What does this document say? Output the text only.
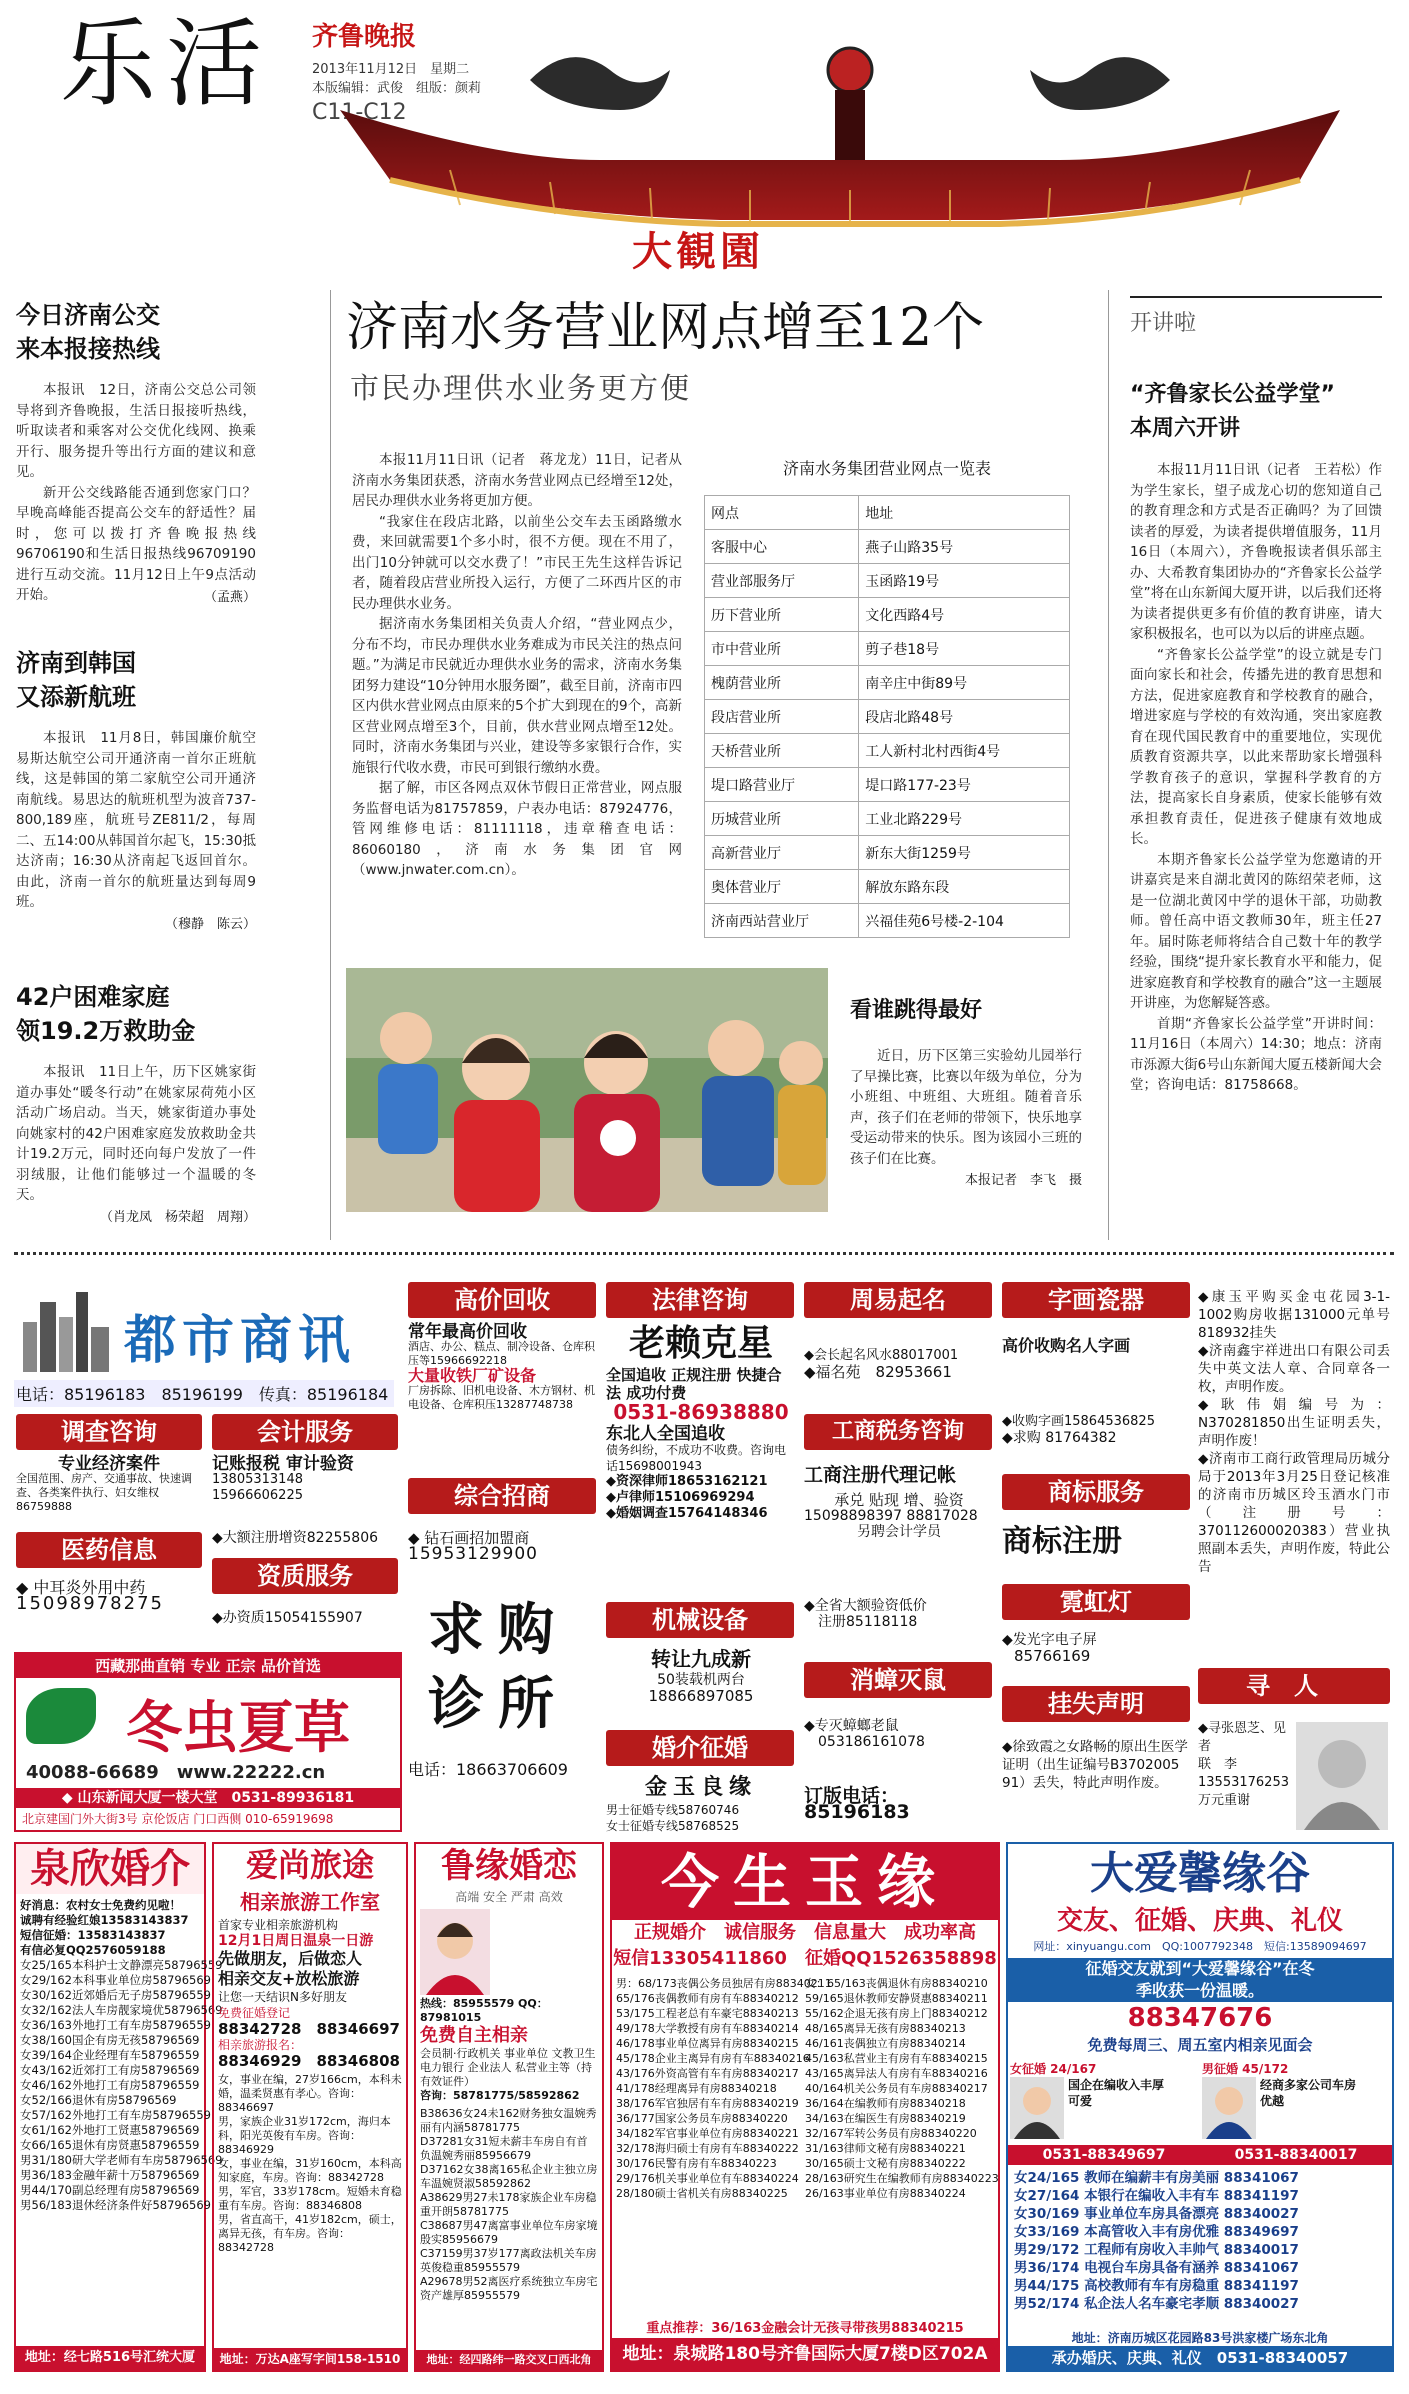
乐活 齐鲁晚报
2013年11月12日　星期二
本版编辑：武俊　组版：颜莉
C11-C12
大観園
今日济南公交
来本报接热线

本报讯　12日，济南公交总公司领导将到齐鲁晚报，生活日报接听热线，听取读者和乘客对公交优化线网、换乘开行、服务提升等出行方面的建议和意见。

新开公交线路能否通到您家门口？早晚高峰能否提高公交车的舒适性？届时，您可以拨打齐鲁晚报热线96706190和生活日报热线96709190进行互动交流。11月12日上午9点活动开始。	（孟燕）
济南到韩国
又添新航班

本报讯　11月8日，韩国廉价航空易斯达航空公司开通济南一首尔正班航线，这是韩国的第二家航空公司开通济南航线。易思达的航班机型为波音737-800,189座，航班号ZE811/2，每周二、五14:00从韩国首尔起飞，15:30抵达济南；16:30从济南起飞返回首尔。由此，济南一首尔的航班量达到每周9班。

（穆静　陈云）
42户困难家庭
领19.2万救助金

本报讯　11日上午，历下区姚家街道办事处“暖冬行动”在姚家尿荷苑小区活动广场启动。当天，姚家街道办事处向姚家村的42户困难家庭发放救助金共计19.2万元，同时还向每户发放了一件羽绒服，让他们能够过一个温暖的冬天。

（肖龙凤　杨荣超　周翔）
济南水务营业网点增至12个
市民办理供水业务更方便

本报11月11日讯（记者　蒋龙龙）11日，记者从济南水务集团获悉，济南水务营业网点已经增至12处，居民办理供水业务将更加方便。

“我家住在段店北路，以前坐公交车去玉函路缴水费，来回就需要1个多小时，很不方便。现在不用了，出门10分钟就可以交水费了！”市民王先生这样告诉记者，随着段店营业所投入运行，方便了二环西片区的市民办理供水业务。

据济南水务集团相关负责人介绍，“营业网点少，分布不均，市民办理供水业务难成为市民关注的热点问题。”为满足市民就近办理供水业务的需求，济南水务集团努力建设“10分钟用水服务圈”，截至目前，济南市四区内供水营业网点由原来的5个扩大到现在的9个，高新区营业网点增至3个，目前，供水营业网点增至12处。同时，济南水务集团与兴业，建设等多家银行合作，实施银行代收水费，市民可到银行缴纳水费。

据了解，市区各网点双休节假日正常营业，网点服务监督电话为81757859，户表办电话：87924776，管网维修电话：81111118，违章稽查电话：86060180，济南水务集团官网（www.jnwater.com.cn）。

济南水务集团营业网点一览表
网点	地址
客服中心	燕子山路35号
营业部服务厅	玉函路19号
历下营业所	文化西路4号
市中营业所	剪子巷18号
槐荫营业所	南辛庄中街89号
段店营业所	段店北路48号
天桥营业所	工人新村北村西街4号
堤口路营业厅	堤口路177-23号
历城营业所	工业北路229号
高新营业厅	新东大街1259号
奥体营业厅	解放东路东段
济南西站营业厅	兴福佳苑6号楼-2-104
看谁跳得最好

近日，历下区第三实验幼儿园举行了早操比赛，比赛以年级为单位，分为小班组、中班组、大班组。随着音乐声，孩子们在老师的带领下，快乐地享受运动带来的快乐。图为该园小三班的孩子们在比赛。

本报记者　李飞　摄
开讲啦
“齐鲁家长公益学堂”
本周六开讲

本报11月11日讯（记者　王若松）作为学生家长，望子成龙心切的您知道自己的教育理念和方式是否正确吗？为了回馈读者的厚爱，为读者提供增值服务，11月16日（本周六），齐鲁晚报读者俱乐部主办、大希教育集团协办的“齐鲁家长公益学堂”将在山东新闻大厦开讲，以后我们还将为读者提供更多有价值的教育讲座，请大家积极报名，也可以为以后的讲座点题。

“齐鲁家长公益学堂”的设立就是专门面向家长和社会，传播先进的教育思想和方法，促进家庭教育和学校教育的融合，增进家庭与学校的有效沟通，突出家庭教育在现代国民教育中的重要地位，实现优质教育资源共享，以此来帮助家长增强科学教育孩子的意识，掌握科学教育的方法，提高家长自身素质，使家长能够有效承担教育责任，促进孩子健康有效地成长。

本期齐鲁家长公益学堂为您邀请的开讲嘉宾是来自湖北黄冈的陈绍荣老师，这是一位湖北黄冈中学的退休干部，功勋教师。曾任高中语文教师30年，班主任27年。届时陈老师将结合自己数十年的教学经验，围绕“提升家长教育水平和能力，促进家庭教育和学校教育的融合”这一主题展开讲座，为您解疑答惑。

首期“齐鲁家长公益学堂”开讲时间：11月16日（本周六）14:30；地点：济南市泺源大街6号山东新闻大厦五楼新闻大会堂；咨询电话：81758668。

都市商讯
电话：85196183　85196199　传真：85196184
调查咨询
专业经济案件
全国范围、房产、交通事故、快速调查、各类案件执行、妇女维权86759888
医药信息
◆ 中耳炎外用中药
15098978275
会计服务
记账报税 审计验资
13805313148 15966606225
◆大额注册增资82255806
资质服务
◆办资质15054155907
西藏那曲直销 专业 正宗 品价首选
冬虫夏草
40088-66689　www.22222.cn
◆ 山东新闻大厦一楼大堂　0531-89936181
北京建国门外大街3号 京伦饭店 门口西侧 010-65919698
高价回收
常年最高价回收
酒店、办公、糕点、制冷设备、仓库积压等15966692218
大量收铁厂矿设备
厂房拆除、旧机电设备、木方钢材、机电设备、仓库积压13287748738
综合招商
◆ 钻石画招加盟商
15953129900
求购诊所
电话：18663706609
法律咨询
老赖克星
全国追收 正规注册 快捷合法 成功付费
0531-86938880
东北人全国追收
债务纠纷，不成功不收费。咨询电话15698001943
◆资深律师18653162121
◆卢律师15106969294
◆婚姻调查15764148346
机械设备
转让九成新
50装载机两台
18866897085
婚介征婚
金玉良缘
男士征婚专线58760746
女士征婚专线58768525
周易起名
◆会长起名风水88017001
◆福名苑　82953661
工商税务咨询
工商注册代理记帐
承兑 贴现 增、验资
15098898397 88817028
另聘会计学员
◆全省大额验资低价
注册85118118
消蟑灭鼠
◆专灭蟑螂老鼠
053186161078
订版电话：85196183
字画瓷器
高价收购名人字画
◆收购字画15864536825
◆求购 81764382
商标服务
商标注册
霓虹灯
◆发光字电子屏
85766169
挂失声明
◆徐致霞之女路畅的原出生医学证明（出生证编号B3702005 91）丢失，特此声明作废。
◆康玉平购买金屯花园3-1-1002购房收据131000元单号818932挂失
◆济南鑫宇祥进出口有限公司丢失中英文法人章、合同章各一枚，声明作废。
◆耿伟娟编号为：N370281850出生证明丢失，声明作废！
◆济南市工商行政管理局历城分局于2013年3月25日登记核准的济南市历城区玲玉酒水门市（注册号：370112600020383）营业执照副本丢失，声明作废，特此公告
寻人
◆寻张恩芝、见者
联　李
13553176253
万元重谢
泉欣婚介
好消息：农村女士免费约见啦！
诚聘有经验红娘13583143837
短信征婚：13583143837
有信必复QQ2576059188
女25/165本科护士文静漂亮58796559
女29/162本科事业单位房58796569
女30/162近郊婚后无子房58796559
女32/162法人车房靓家境优58796569
女36/163外地打工有车房58796559
女38/160国企有房无孩58796569
女39/164企业经理有车58796559
女43/162近郊打工有房58796569
女46/162外地打工有房58796559
女52/166退休有房58796569
女57/162外地打工有车房58796559
女61/162外地打工贤惠58796569
女66/165退休有房贤惠58796559
男31/180研大学老师有车房58796569
男36/183金融年薪十万58796569
男44/170副总经理有房58796569
男56/183退休经济条件好58796569
地址：经七路516号汇统大厦1227
爱尚旅途
相亲旅游工作室
首家专业相亲旅游机构
12月1日周日温泉一日游
先做朋友，后做恋人
相亲交友+放松旅游
让您一天结识N多好朋友
免费征婚登记
88342728　88346697
相亲旅游报名：
88346929　88346808
女，事业在编，27岁166cm，本科未婚，温柔贤惠有孝心。咨询：88346697
男，家族企业31岁172cm，海归本科，阳光英俊有车房。咨询：88346929
女，事业在编，31岁160cm，本科高知家庭，车房。咨询：88342728
男，军官，33岁178cm。短婚未育稳重有车房。咨询：88346808
男，省直高干，41岁182cm，硕士，离异无孩，有车房。咨询：88342728
地址：万达A座写字间158-1510
鲁缘婚恋
高端 安全 严肃 高效
热线：85955579 QQ：87981015
免费自主相亲
会员制·行政机关 事业单位 文教卫生 电力银行 企业法人 私营业主等（持有效证件）
咨询：58781775/58592862
B38636女24未162财务独女温婉秀丽有内涵58781775
D37281女31短未薪丰车房自有首负温婉秀丽85956679
D37162女38离165私企业主独立房车温婉贤淑58592862
A38629男27未178家族企业车房稳重开朗58781775
C38687男47离富事业单位车房家境殷实85956679
C37159男37岁177离政法机关车房英俊稳重85955579
A29678男52离医疗系统独立车房宅资产雄厚85955579
地址：经四路纬一路交叉口西北角
今生玉缘
正规婚介　诚信服务　信息量大　成功率高
短信13305411860　征婚QQ1526358898
男：68/173丧偶公务员独居有房88340211
65/176丧偶教师有房有车88340212
53/175工程老总有车豪宅88340213
49/178大学教授有房有车88340214
46/178事业单位离异有房88340215
45/178企业主离异有房有车88340216
43/176外资高管有车有房88340217
41/178经理离异有房88340218
38/176军官独居有车有房88340219
36/177国家公务员车房88340220
34/182军官事业单位有房88340221
32/178海归硕士有房有车88340222
30/176民警有房有车88340223
29/176机关事业单位有车88340224
28/180硕士省机关有房88340225
女：65/163丧偶退休有房88340210
59/165退休教师安静贤惠88340211
55/162企退无孩有房上门88340212
48/165离异无孩有房88340213
46/161丧偶独立有房88340214
45/163私营业主有房有车88340215
43/165离异法人有房有车88340216
40/164机关公务员有车房88340217
36/164在编教师有房88340218
34/163在编医生有房88340219
32/167军转公务员有房88340220
31/163律师文秘有房88340221
30/165硕士文秘有房88340222
28/163研究生在编教师有房88340223
26/163事业单位有房88340224
重点推荐：36/163金融会计无孩寻带孩男88340215
地址：泉城路180号齐鲁国际大厦7楼D区702A
大爱馨缘谷
交友、征婚、庆典、礼仪
网址：xinyuangu.com　QQ:1007792348　短信:13589094697
征婚交友就到“大爱馨缘谷”在冬
季收获一份温暖。
88347676
免费每周三、周五室内相亲见面会
女征婚 24/167
国企在编收入丰厚
可爱
男征婚 45/172
经商多家公司车房
优越
0531-88349697	0531-88340017
女24/165 教师在编薪丰有房美丽 88341067
女27/164 本银行在编收入丰有车 88341197
女30/169 事业单位车房具备漂亮 88340027
女33/169 本高管收入丰有房优雅 88349697
男29/172 工程师有房收入丰帅气 88340017
男36/174 电视台车房具备有涵养 88341067
男44/175 高校教师有车有房稳重 88341197
男52/174 私企法人名车豪宅孝顺 88340027
地址：济南历城区花园路83号洪家楼广场东北角
承办婚庆、庆典、礼仪　0531-88340057
